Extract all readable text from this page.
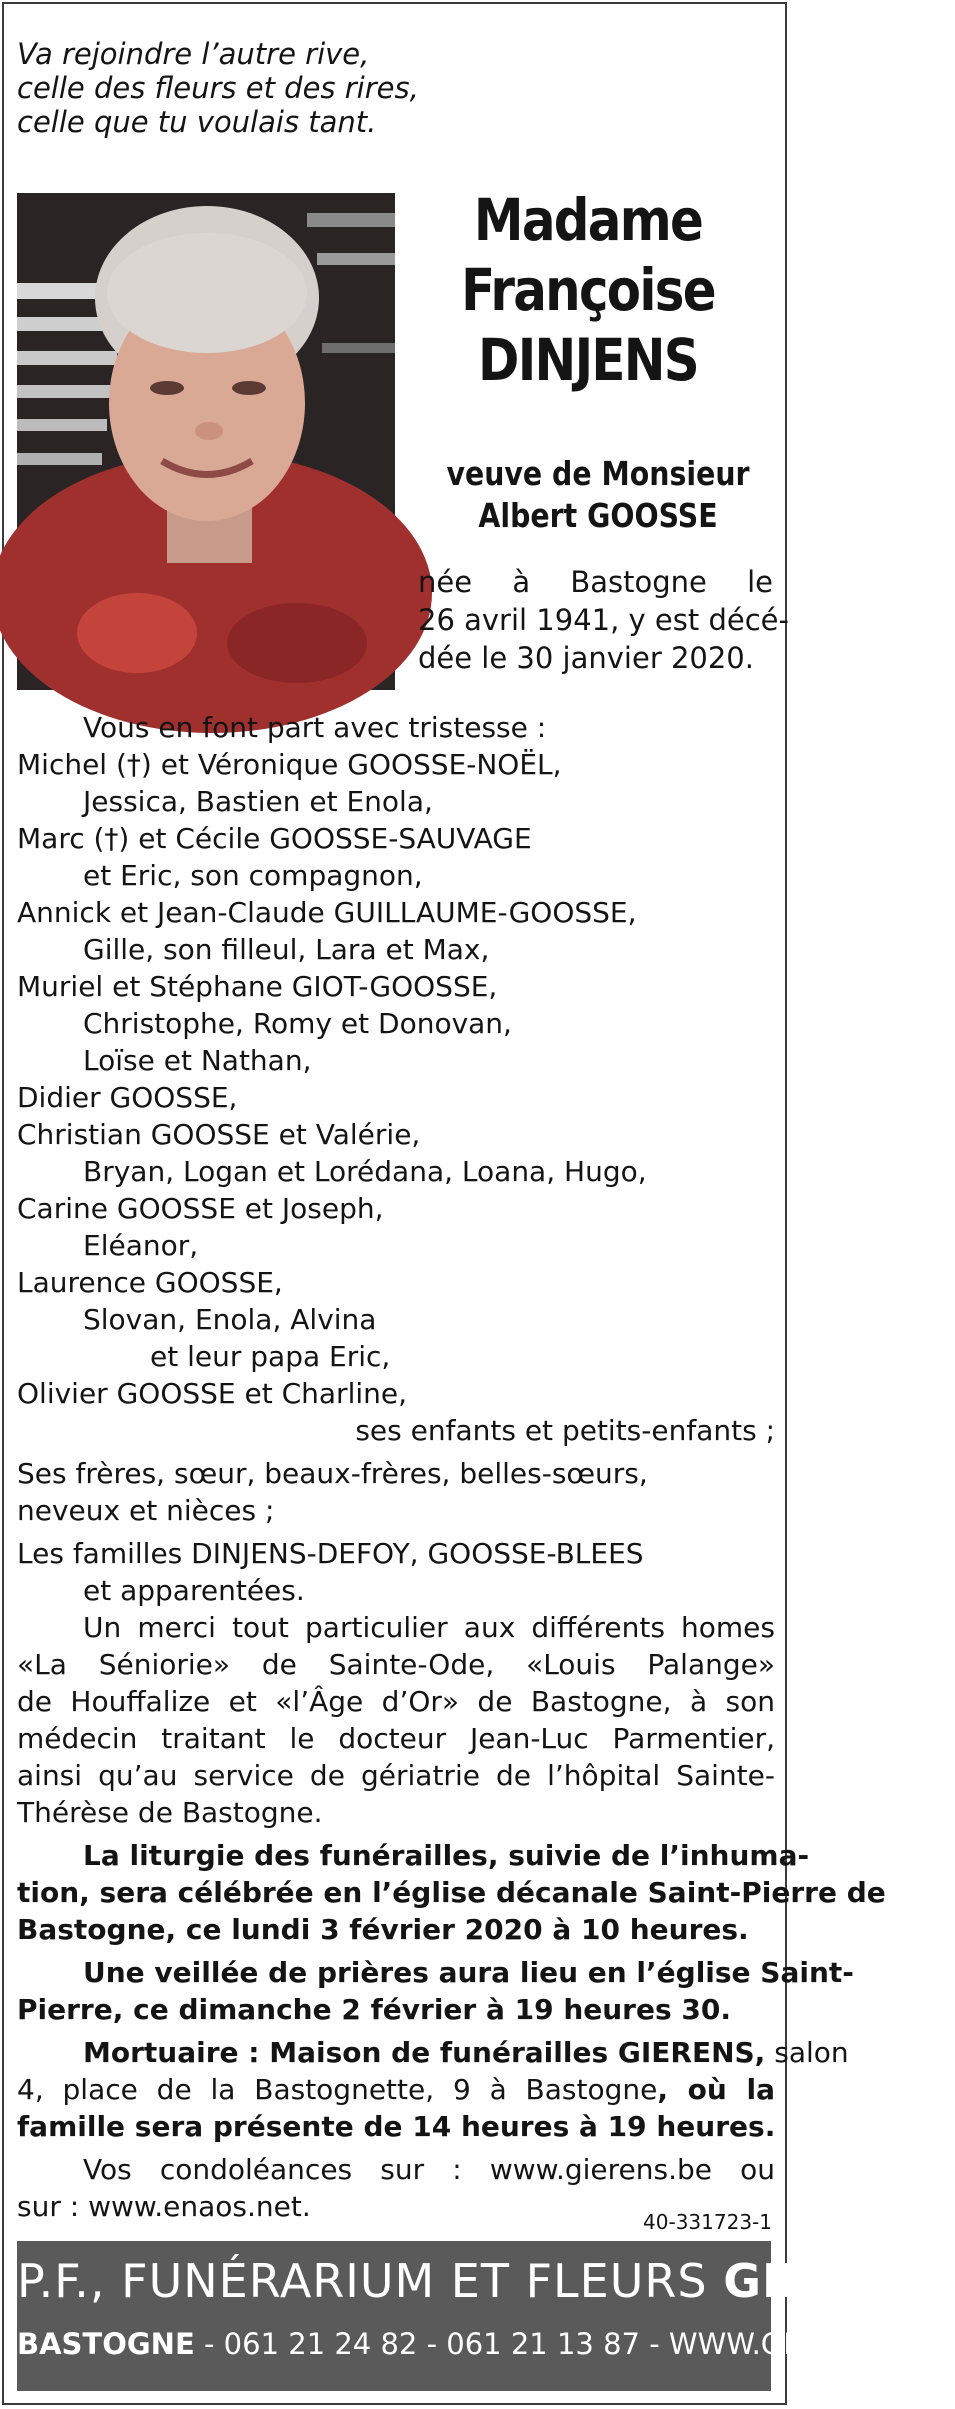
Va rejoindre l’autre rive,
celle des fleurs et des rires,
celle que tu voulais tant.
Madame
Françoise
DINJENS
veuve de Monsieur
Albert GOOSSE
née à Bastogne le
26 avril 1941, y est décé-
dée le 30 janvier 2020.
Vous en font part avec tristesse :
Michel (†) et Véronique GOOSSE-NOËL,
Jessica, Bastien et Enola,
Marc (†) et Cécile GOOSSE-SAUVAGE
et Eric, son compagnon,
Annick et Jean-Claude GUILLAUME-GOOSSE,
Gille, son filleul, Lara et Max,
Muriel et Stéphane GIOT-GOOSSE,
Christophe, Romy et Donovan,
Loïse et Nathan,
Didier GOOSSE,
Christian GOOSSE et Valérie,
Bryan, Logan et Lorédana, Loana, Hugo,
Carine GOOSSE et Joseph,
Eléanor,
Laurence GOOSSE,
Slovan, Enola, Alvina
et leur papa Eric,
Olivier GOOSSE et Charline,
ses enfants et petits-enfants ;
Ses frères, sœur, beaux-frères, belles-sœurs,
neveux et nièces ;
Les familles DINJENS-DEFOY, GOOSSE-BLEES
et apparentées.
Un merci tout particulier aux différents homes
«La Séniorie» de Sainte-Ode, «Louis Palange»
de Houffalize et «l’Âge d’Or» de Bastogne, à son
médecin traitant le docteur Jean-Luc Parmentier,
ainsi qu’au service de gériatrie de l’hôpital Sainte-
Thérèse de Bastogne.
La liturgie des funérailles, suivie de l’inhuma-
tion, sera célébrée en l’église décanale Saint-Pierre de
Bastogne, ce lundi 3 février 2020 à 10 heures.
Une veillée de prières aura lieu en l’église Saint-
Pierre, ce dimanche 2 février à 19 heures 30.
Mortuaire : Maison de funérailles GIERENS, salon
4, place de la Bastognette, 9 à Bastogne, où la
famille sera présente de 14 heures à 19 heures.
Vos condoléances sur : www.gierens.be ou
sur : www.enaos.net.	40-331723-1
P.F., FUNÉRARIUM ET FLEURS GIERENS
BASTOGNE - 061 21 24 82 - 061 21 13 87 - WWW.GIERENS.BE
